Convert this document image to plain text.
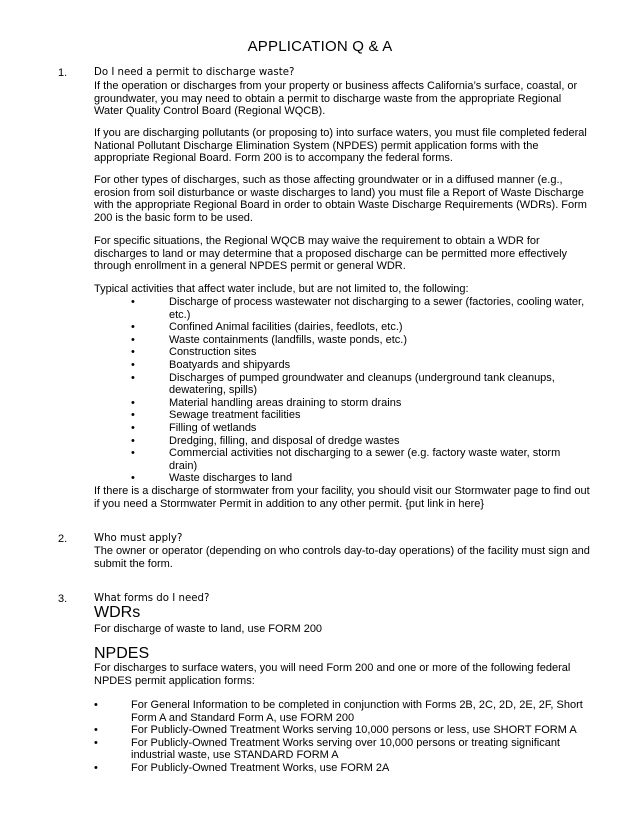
APPLICATION Q & A
1.	Do I need a permit to discharge waste?
If the operation or discharges from your property or business affects California’s surface, coastal, or groundwater, you may need to obtain a permit to discharge waste from the appropriate Regional Water Quality Control Board (Regional WQCB).
If you are discharging pollutants (or proposing to) into surface waters, you must file completed federal National Pollutant Discharge Elimination System (NPDES) permit application forms with the appropriate Regional Board. Form 200 is to accompany the federal forms.
For other types of discharges, such as those affecting groundwater or in a diffused manner (e.g., erosion from soil disturbance or waste discharges to land) you must file a Report of Waste Discharge with the appropriate Regional Board in order to obtain Waste Discharge Requirements (WDRs). Form 200 is the basic form to be used.
For specific situations, the Regional WQCB may waive the requirement to obtain a WDR for discharges to land or may determine that a proposed discharge can be permitted more effectively through enrollment in a general NPDES permit or general WDR.
Typical activities that affect water include, but are not limited to, the following:
•	Discharge of process wastewater not discharging to a sewer (factories, cooling water, etc.)
•	Confined Animal facilities (dairies, feedlots, etc.)
•	Waste containments (landfills, waste ponds, etc.)
•	Construction sites
•	Boatyards and shipyards
•	Discharges of pumped groundwater and cleanups (underground tank cleanups, dewatering, spills)
•	Material handling areas draining to storm drains
•	Sewage treatment facilities
•	Filling of wetlands
•	Dredging, filling, and disposal of dredge wastes
•	Commercial activities not discharging to a sewer (e.g. factory waste water, storm drain)
•	Waste discharges to land
If there is a discharge of stormwater from your facility, you should visit our Stormwater page to find out if you need a Stormwater Permit in addition to any other permit. {put link in here}
2.	Who must apply?
The owner or operator (depending on who controls day-to-day operations) of the facility must sign and submit the form.
3.	What forms do I need?
WDRs
For discharge of waste to land, use FORM 200
NPDES
For discharges to surface waters, you will need Form 200 and one or more of the following federal NPDES permit application forms:
•	For General Information to be completed in conjunction with Forms 2B, 2C, 2D, 2E, 2F, Short Form A and Standard Form A, use FORM 200
•	For Publicly-Owned Treatment Works serving 10,000 persons or less, use SHORT FORM A
•	For Publicly-Owned Treatment Works serving over 10,000 persons or treating significant industrial waste, use STANDARD FORM A
•	For Publicly-Owned Treatment Works, use FORM 2A
